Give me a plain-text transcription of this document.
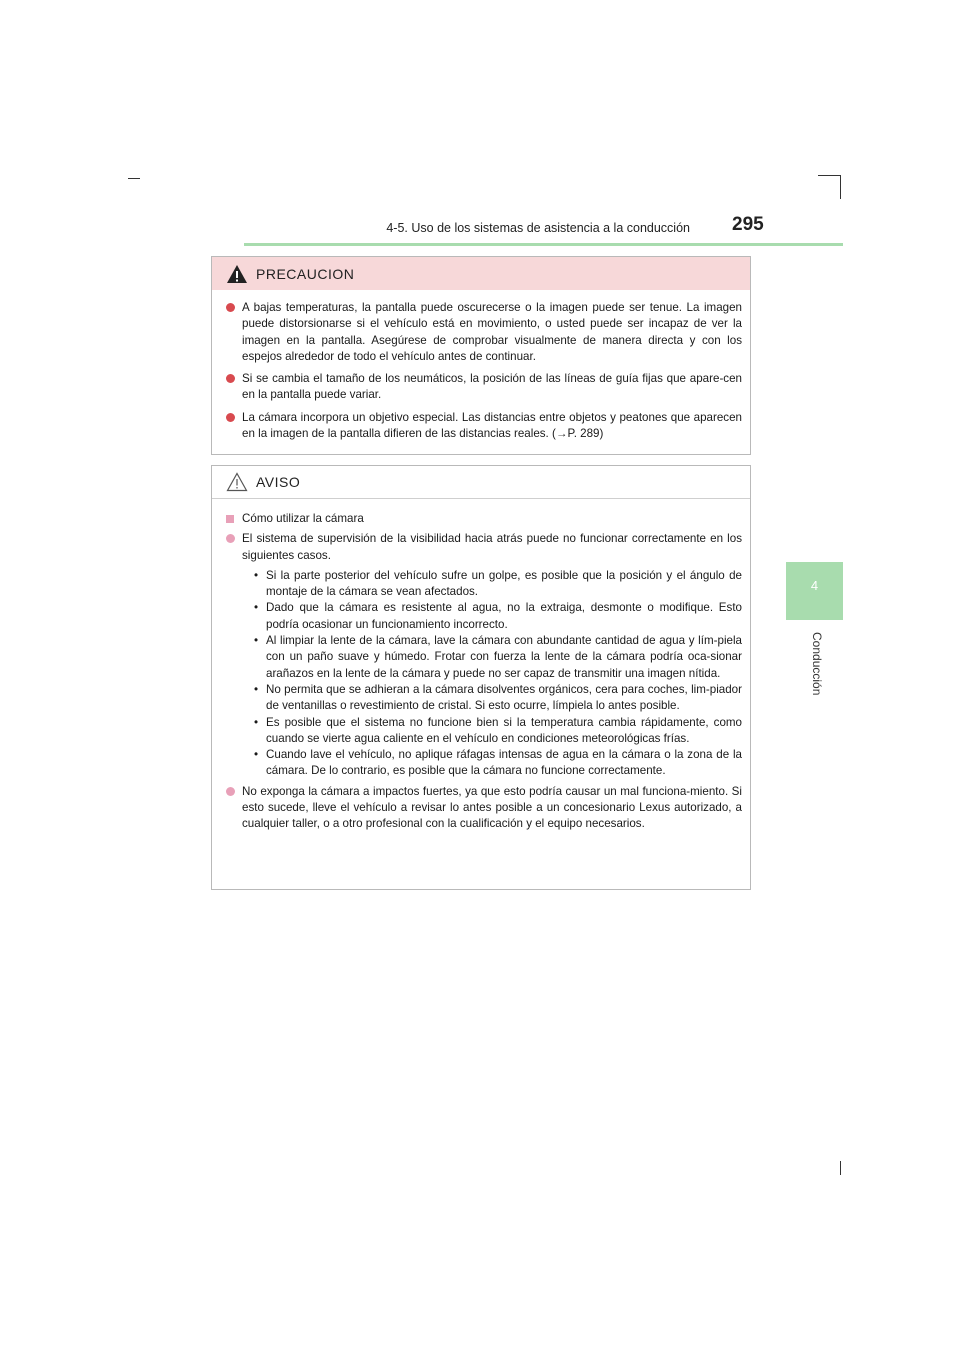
4-5. Uso de los sistemas de asistencia a la conducción 295
4
Conducción
PRECAUCION
A bajas temperaturas, la pantalla puede oscurecerse o la imagen puede ser tenue. La imagen puede distorsionarse si el vehículo está en movimiento, o usted puede ser incapaz de ver la imagen en la pantalla. Asegúrese de comprobar visualmente de manera directa y con los espejos alrededor de todo el vehículo antes de continuar.
Si se cambia el tamaño de los neumáticos, la posición de las líneas de guía fijas que apare-cen en la pantalla puede variar.
La cámara incorpora un objetivo especial. Las distancias entre objetos y peatones que aparecen en la imagen de la pantalla difieren de las distancias reales. (→P. 289)
AVISO
Cómo utilizar la cámara
El sistema de supervisión de la visibilidad hacia atrás puede no funcionar correctamente en los siguientes casos.
• Si la parte posterior del vehículo sufre un golpe, es posible que la posición y el ángulo de montaje de la cámara se vean afectados.
• Dado que la cámara es resistente al agua, no la extraiga, desmonte o modifique. Esto podría ocasionar un funcionamiento incorrecto.
• Al limpiar la lente de la cámara, lave la cámara con abundante cantidad de agua y lím-piela con un paño suave y húmedo. Frotar con fuerza la lente de la cámara podría oca-sionar arañazos en la lente de la cámara y puede no ser capaz de transmitir una imagen nítida.
• No permita que se adhieran a la cámara disolventes orgánicos, cera para coches, lim-piador de ventanillas o revestimiento de cristal. Si esto ocurre, límpiela lo antes posible.
• Es posible que el sistema no funcione bien si la temperatura cambia rápidamente, como cuando se vierte agua caliente en el vehículo en condiciones meteorológicas frías.
• Cuando lave el vehículo, no aplique ráfagas intensas de agua en la cámara o la zona de la cámara. De lo contrario, es posible que la cámara no funcione correctamente.
No exponga la cámara a impactos fuertes, ya que esto podría causar un mal funciona-miento. Si esto sucede, lleve el vehículo a revisar lo antes posible a un concesionario Lexus autorizado, a cualquier taller, o a otro profesional con la cualificación y el equipo necesarios.
